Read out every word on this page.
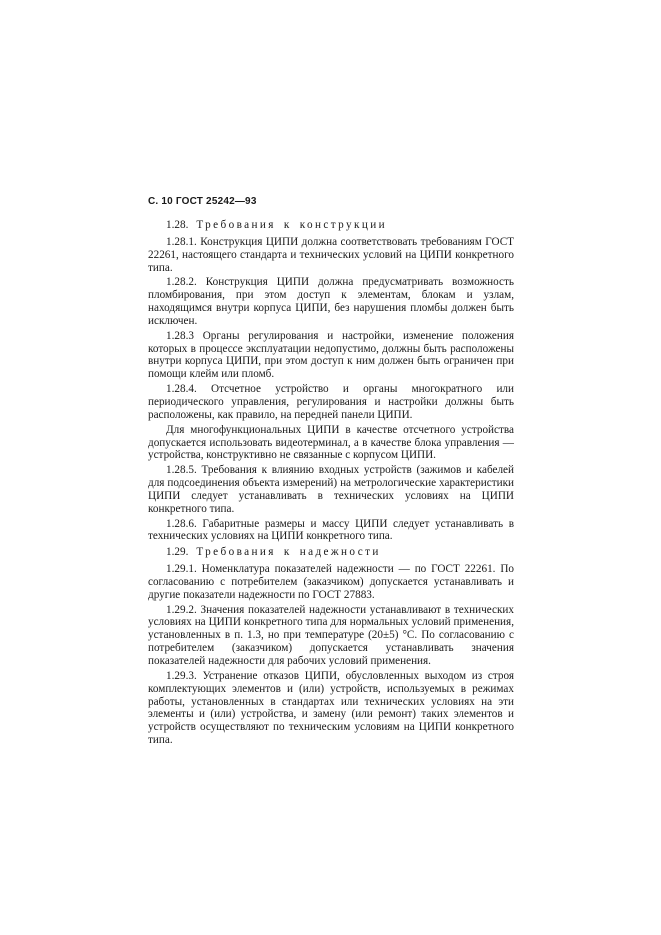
С. 10 ГОСТ 25242—93

1.28. Требования к конструкции

1.28.1. Конструкция ЦИПИ должна соответствовать требованиям ГОСТ 22261, настоящего стандарта и технических условий на ЦИПИ конкретного типа.

1.28.2. Конструкция ЦИПИ должна предусматривать возможность пломбирования, при этом доступ к элементам, блокам и узлам, находящимся внутри корпуса ЦИПИ, без нарушения пломбы должен быть исключен.

1.28.3 Органы регулирования и настройки, изменение положения которых в процессе эксплуатации недопустимо, должны быть расположены внутри корпуса ЦИПИ, при этом доступ к ним должен быть ограничен при помощи клейм или пломб.

1.28.4. Отсчетное устройство и органы многократного или периодического управления, регулирования и настройки должны быть расположены, как правило, на передней панели ЦИПИ.

Для многофункциональных ЦИПИ в качестве отсчетного устройства допускается использовать видеотерминал, а в качестве блока управления — устройства, конструктивно не связанные с корпусом ЦИПИ.

1.28.5. Требования к влиянию входных устройств (зажимов и кабелей для подсоединения объекта измерений) на метрологические характеристики ЦИПИ следует устанавливать в технических условиях на ЦИПИ конкретного типа.

1.28.6. Габаритные размеры и массу ЦИПИ следует устанавливать в технических условиях на ЦИПИ конкретного типа.

1.29. Требования к надежности

1.29.1. Номенклатура показателей надежности — по ГОСТ 22261. По согласованию с потребителем (заказчиком) допускается устанавливать и другие показатели надежности по ГОСТ 27883.

1.29.2. Значения показателей надежности устанавливают в технических условиях на ЦИПИ конкретного типа для нормальных условий применения, установленных в п. 1.3, но при температуре (20±5) °С. По согласованию с потребителем (заказчиком) допускается устанавливать значения показателей надежности для рабочих условий применения.

1.29.3. Устранение отказов ЦИПИ, обусловленных выходом из строя комплектующих элементов и (или) устройств, используемых в режимах работы, установленных в стандартах или технических условиях на эти элементы и (или) устройства, и замену (или ремонт) таких элементов и устройств осуществляют по техническим условиям на ЦИПИ конкретного типа.
